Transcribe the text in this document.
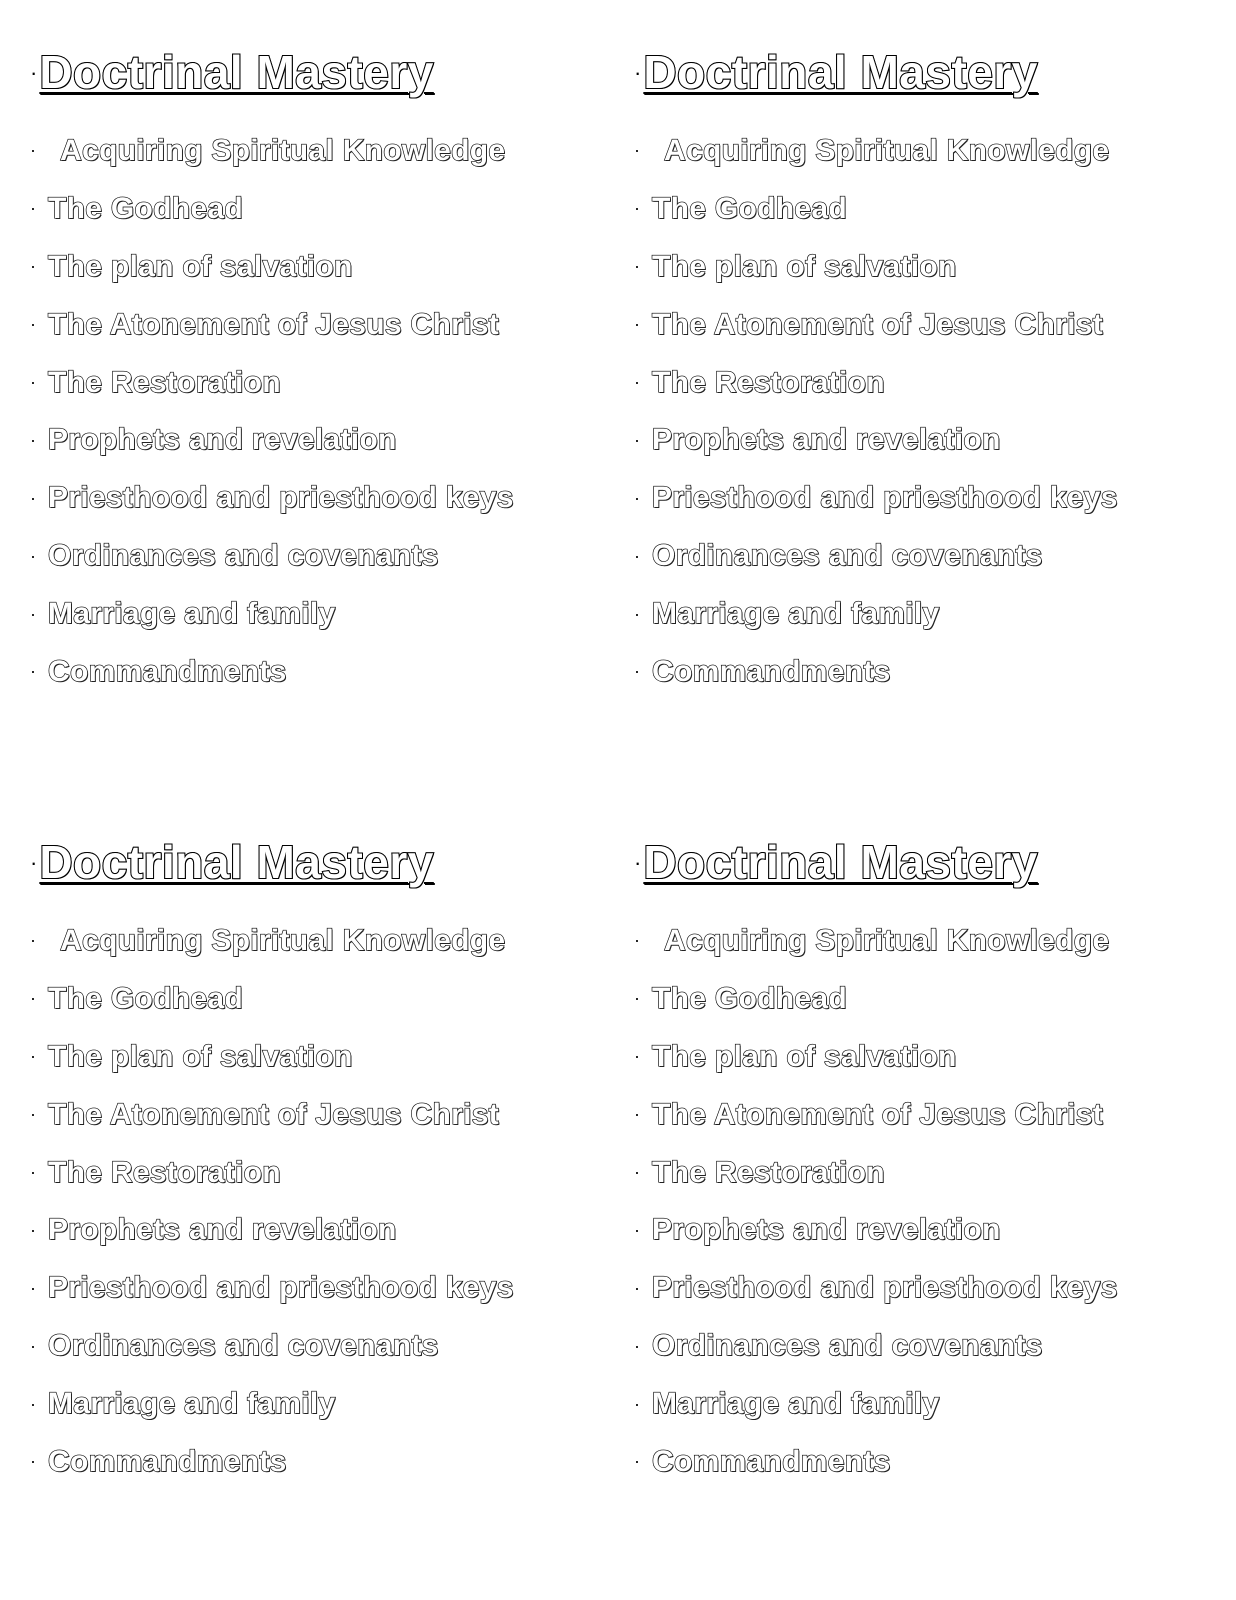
· Doctrinal Mastery
· Acquiring Spiritual Knowledge
· The Godhead
· The plan of salvation
· The Atonement of Jesus Christ
· The Restoration
· Prophets and revelation
· Priesthood and priesthood keys
· Ordinances and covenants
· Marriage and family
· Commandments
· Doctrinal Mastery
· Acquiring Spiritual Knowledge
· The Godhead
· The plan of salvation
· The Atonement of Jesus Christ
· The Restoration
· Prophets and revelation
· Priesthood and priesthood keys
· Ordinances and covenants
· Marriage and family
· Commandments
· Doctrinal Mastery
· Acquiring Spiritual Knowledge
· The Godhead
· The plan of salvation
· The Atonement of Jesus Christ
· The Restoration
· Prophets and revelation
· Priesthood and priesthood keys
· Ordinances and covenants
· Marriage and family
· Commandments
· Doctrinal Mastery
· Acquiring Spiritual Knowledge
· The Godhead
· The plan of salvation
· The Atonement of Jesus Christ
· The Restoration
· Prophets and revelation
· Priesthood and priesthood keys
· Ordinances and covenants
· Marriage and family
· Commandments
